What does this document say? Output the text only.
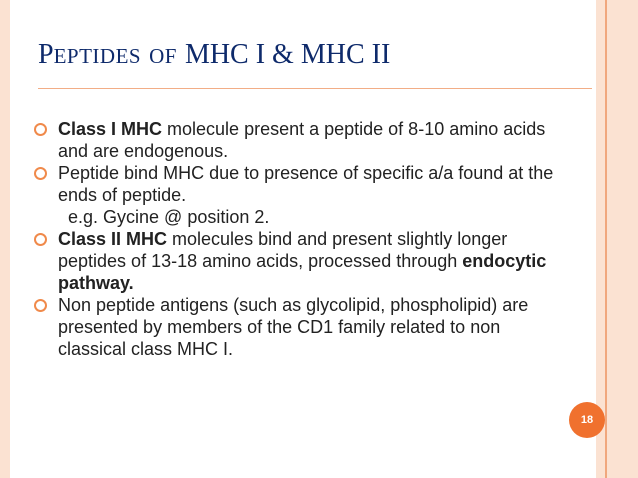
PEPTIDES OF MHC I & MHC II
Class I MHC molecule present a peptide of 8-10 amino acids and are endogenous.
Peptide bind MHC due to presence of specific a/a found at the ends of peptide.
e.g. Gycine @ position 2.
Class II MHC molecules bind and present slightly longer peptides of 13-18 amino acids, processed through endocytic pathway.
Non peptide antigens (such as glycolipid, phospholipid) are presented by members of the CD1 family related to non classical class MHC I.
18
